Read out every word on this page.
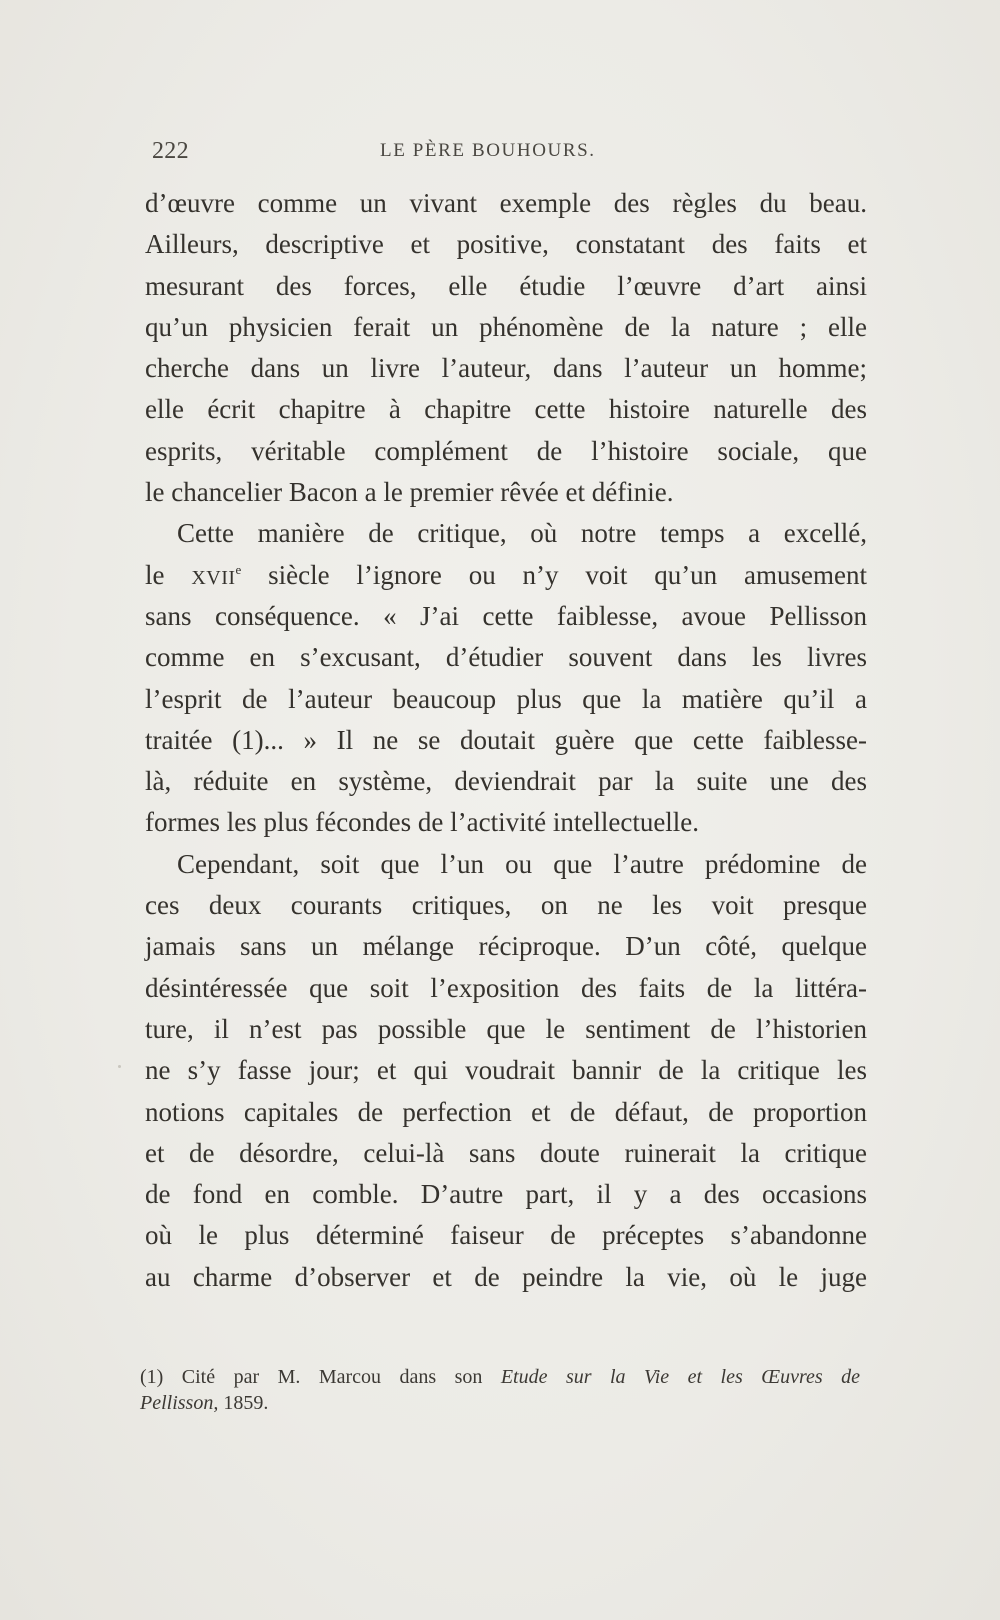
222	LE PÈRE BOUHOURS.
d’œuvre comme un vivant exemple des règles du beau.
Ailleurs, descriptive et positive, constatant des faits et
mesurant des forces, elle étudie l’œuvre d’art ainsi
qu’un physicien ferait un phénomène de la nature ; elle
cherche dans un livre l’auteur, dans l’auteur un homme;
elle écrit chapitre à chapitre cette histoire naturelle des
esprits, véritable complément de l’histoire sociale, que
le chancelier Bacon a le premier rêvée et définie.
Cette manière de critique, où notre temps a excellé,
le XVIIe siècle l’ignore ou n’y voit qu’un amusement
sans conséquence. « J’ai cette faiblesse, avoue Pellisson
comme en s’excusant, d’étudier souvent dans les livres
l’esprit de l’auteur beaucoup plus que la matière qu’il a
traitée (1)... » Il ne se doutait guère que cette faiblesse-
là, réduite en système, deviendrait par la suite une des
formes les plus fécondes de l’activité intellectuelle.
Cependant, soit que l’un ou que l’autre prédomine de
ces deux courants critiques, on ne les voit presque
jamais sans un mélange réciproque. D’un côté, quelque
désintéressée que soit l’exposition des faits de la littéra-
ture, il n’est pas possible que le sentiment de l’historien
ne s’y fasse jour; et qui voudrait bannir de la critique les
notions capitales de perfection et de défaut, de proportion
et de désordre, celui-là sans doute ruinerait la critique
de fond en comble. D’autre part, il y a des occasions
où le plus déterminé faiseur de préceptes s’abandonne
au charme d’observer et de peindre la vie, où le juge
(1) Cité par M. Marcou dans son Etude sur la Vie et les Œuvres de
Pellisson, 1859.
